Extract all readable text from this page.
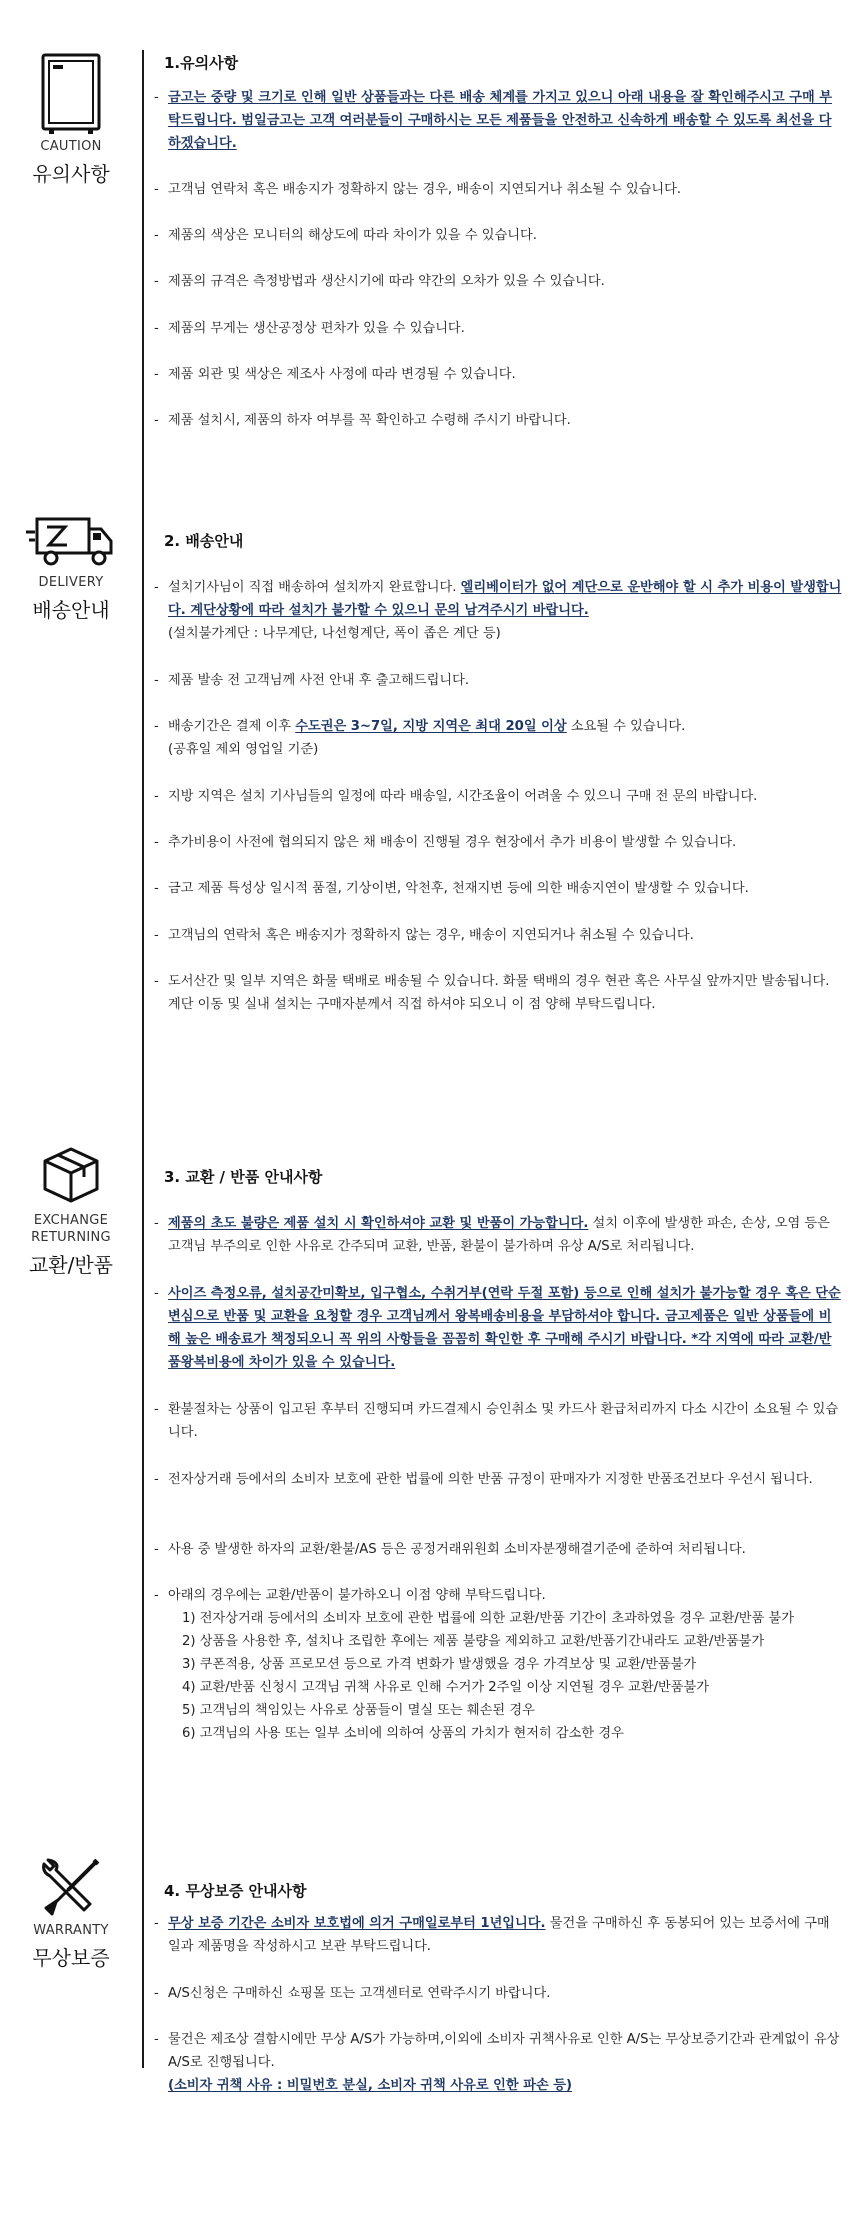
CAUTION
유의사항
1.유의사항
- 금고는 중량 및 크기로 인해 일반 상품들과는 다른 배송 체계를 가지고 있으니 아래 내용을 잘 확인해주시고 구매 부탁드립니다. 범일금고는 고객 여러분들이 구매하시는 모든 제품들을 안전하고 신속하게 배송할 수 있도록 최선을 다하겠습니다.
- 고객님 연락처 혹은 배송지가 정확하지 않는 경우, 배송이 지연되거나 취소될 수 있습니다.
- 제품의 색상은 모니터의 해상도에 따라 차이가 있을 수 있습니다.
- 제품의 규격은 측정방법과 생산시기에 따라 약간의 오차가 있을 수 있습니다.
- 제품의 무게는 생산공정상 편차가 있을 수 있습니다.
- 제품 외관 및 색상은 제조사 사정에 따라 변경될 수 있습니다.
- 제품 설치시, 제품의 하자 여부를 꼭 확인하고 수령해 주시기 바랍니다.
DELIVERY
배송안내
2. 배송안내
- 설치기사님이 직접 배송하여 설치까지 완료합니다. 엘리베이터가 없어 계단으로 운반해야 할 시 추가 비용이 발생합니다. 계단상황에 따라 설치가 불가할 수 있으니 문의 남겨주시기 바랍니다.
(설치불가계단 : 나무계단, 나선형계단, 폭이 좁은 계단 등)
- 제품 발송 전 고객님께 사전 안내 후 출고해드립니다.
- 배송기간은 결제 이후 수도권은 3~7일, 지방 지역은 최대 20일 이상 소요될 수 있습니다.
(공휴일 제외 영업일 기준)
- 지방 지역은 설치 기사님들의 일정에 따라 배송일, 시간조율이 어려울 수 있으니 구매 전 문의 바랍니다.
- 추가비용이 사전에 협의되지 않은 채 배송이 진행될 경우 현장에서 추가 비용이 발생할 수 있습니다.
- 금고 제품 특성상 일시적 품절, 기상이변, 악천후, 천재지변 등에 의한 배송지연이 발생할 수 있습니다.
- 고객님의 연락처 혹은 배송지가 정확하지 않는 경우, 배송이 지연되거나 취소될 수 있습니다.
- 도서산간 및 일부 지역은 화물 택배로 배송될 수 있습니다. 화물 택배의 경우 현관 혹은 사무실 앞까지만 발송됩니다. 계단 이동 및 실내 설치는 구매자분께서 직접 하셔야 되오니 이 점 양해 부탁드립니다.
EXCHANGE
RETURNING
교환/반품
3. 교환 / 반품 안내사항
- 제품의 초도 불량은 제품 설치 시 확인하셔야 교환 및 반품이 가능합니다. 설치 이후에 발생한 파손, 손상, 오염 등은 고객님 부주의로 인한 사유로 간주되며 교환, 반품, 환불이 불가하며 유상 A/S로 처리됩니다.
- 사이즈 측정오류, 설치공간미확보, 입구협소, 수취거부(연락 두절 포함) 등으로 인해 설치가 불가능할 경우 혹은 단순변심으로 반품 및 교환을 요청할 경우 고객님께서 왕복배송비용을 부담하셔야 합니다. 금고제품은 일반 상품들에 비해 높은 배송료가 책정되오니 꼭 위의 사항들을 꼼꼼히 확인한 후 구매해 주시기 바랍니다. *각 지역에 따라 교환/반품왕복비용에 차이가 있을 수 있습니다.
- 환불절차는 상품이 입고된 후부터 진행되며 카드결제시 승인취소 및 카드사 환급처리까지 다소 시간이 소요될 수 있습니다.
- 전자상거래 등에서의 소비자 보호에 관한 법률에 의한 반품 규정이 판매자가 지정한 반품조건보다 우선시 됩니다.
- 사용 중 발생한 하자의 교환/환불/AS 등은 공정거래위원회 소비자분쟁해결기준에 준하여 처리됩니다.
- 아래의 경우에는 교환/반품이 불가하오니 이점 양해 부탁드립니다.
1) 전자상거래 등에서의 소비자 보호에 관한 법률에 의한 교환/반품 기간이 초과하였을 경우 교환/반품 불가
2) 상품을 사용한 후, 설치나 조립한 후에는 제품 불량을 제외하고 교환/반품기간내라도 교환/반품불가
3) 쿠폰적용, 상품 프로모션 등으로 가격 변화가 발생했을 경우 가격보상 및 교환/반품불가
4) 교환/반품 신청시 고객님 귀책 사유로 인해 수거가 2주일 이상 지연될 경우 교환/반품불가
5) 고객님의 책임있는 사유로 상품들이 멸실 또는 훼손된 경우
6) 고객님의 사용 또는 일부 소비에 의하여 상품의 가치가 현저히 감소한 경우
WARRANTY
무상보증
4. 무상보증 안내사항
- 무상 보증 기간은 소비자 보호법에 의거 구매일로부터 1년입니다. 물건을 구매하신 후 동봉되어 있는 보증서에 구매일과 제품명을 작성하시고 보관 부탁드립니다.
- A/S신청은 구매하신 쇼핑몰 또는 고객센터로 연락주시기 바랍니다.
- 물건은 제조상 결함시에만 무상 A/S가 가능하며,이외에 소비자 귀책사유로 인한 A/S는 무상보증기간과 관계없이 유상 A/S로 진행됩니다.
(소비자 귀책 사유 : 비밀번호 분실, 소비자 귀책 사유로 인한 파손 등)
